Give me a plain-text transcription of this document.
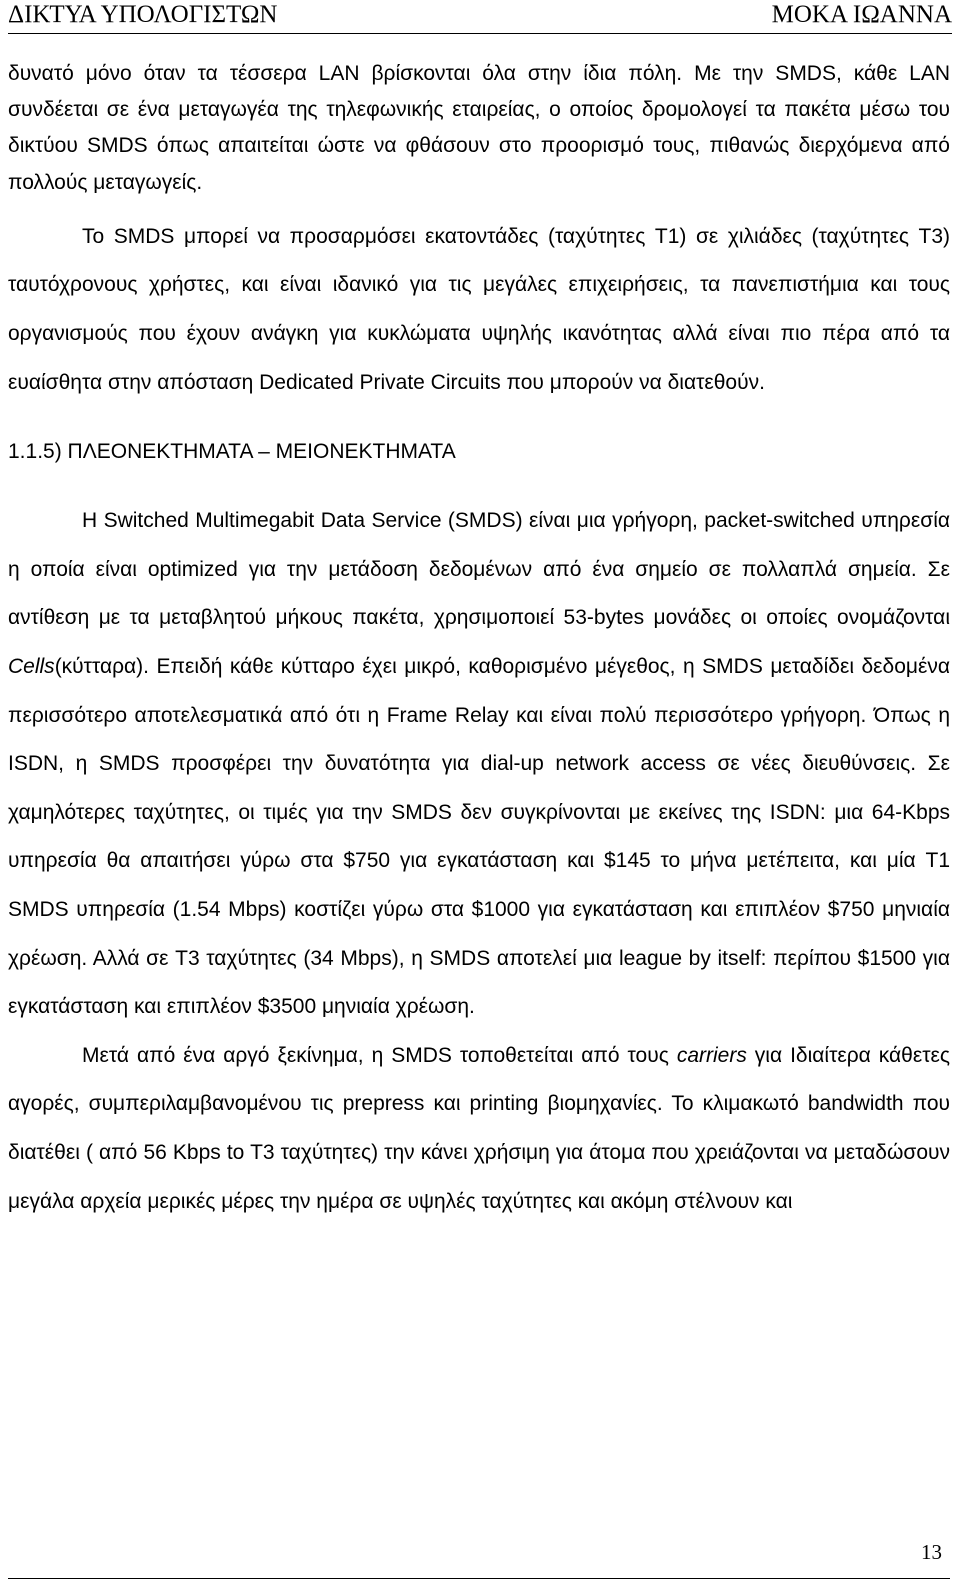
ΔΙΚΤΥΑ ΥΠΟΛΟΓΙΣΤΩΝ	ΜΟΚΑ ΙΩΑΝΝΑ

δυνατό μόνο όταν τα τέσσερα LAN βρίσκονται όλα στην ίδια πόλη. Με την SMDS, κάθε LAN συνδέεται σε ένα μεταγωγέα της τηλεφωνικής εταιρείας, ο οποίος δρομολογεί τα πακέτα μέσω του δικτύου SMDS όπως απαιτείται ώστε να φθάσουν στο προορισμό τους, πιθανώς διερχόμενα από πολλούς μεταγωγείς.

Το SMDS μπορεί να προσαρμόσει εκατοντάδες (ταχύτητες T1) σε χιλιάδες (ταχύτητες T3) ταυτόχρονους χρήστες, και είναι ιδανικό για τις μεγάλες επιχειρήσεις, τα πανεπιστήμια και τους οργανισμούς που έχουν ανάγκη για κυκλώματα υψηλής ικανότητας αλλά είναι πιο πέρα από τα ευαίσθητα στην απόσταση Dedicated Private Circuits που μπορούν να διατεθούν.

1.1.5) ΠΛΕΟΝΕΚΤΗΜΑΤΑ – ΜΕΙΟΝΕΚΤΗΜΑΤΑ

Η Switched Multimegabit Data Service (SMDS) είναι μια γρήγορη, packet-switched υπηρεσία η οποία είναι optimized για την μετάδοση δεδομένων από ένα σημείο σε πολλαπλά σημεία. Σε αντίθεση με τα μεταβλητού μήκους πακέτα, χρησιμοποιεί 53-bytes μονάδες οι οποίες ονομάζονται Cells(κύτταρα). Επειδή κάθε κύτταρο έχει μικρό, καθορισμένο μέγεθος, η SMDS μεταδίδει δεδομένα περισσότερο αποτελεσματικά από ότι η Frame Relay και είναι πολύ περισσότερο γρήγορη. Όπως η ISDN, η SMDS προσφέρει την δυνατότητα για dial-up network access σε νέες διευθύνσεις. Σε χαμηλότερες ταχύτητες, οι τιμές για την SMDS δεν συγκρίνονται με εκείνες της ISDN: μια 64-Kbps υπηρεσία θα απαιτήσει γύρω στα $750 για εγκατάσταση και $145 το μήνα μετέπειτα, και μία T1 SMDS υπηρεσία (1.54 Mbps) κοστίζει γύρω στα $1000 για εγκατάσταση και επιπλέον $750 μηνιαία χρέωση. Αλλά σε T3 ταχύτητες (34 Mbps), η SMDS αποτελεί μια league by itself: περίπου $1500 για εγκατάσταση και επιπλέον $3500 μηνιαία χρέωση.

Μετά από ένα αργό ξεκίνημα, η SMDS τοποθετείται από τους carriers για Ιδιαίτερα κάθετες αγορές, συμπεριλαμβανομένου τις prepress και printing βιομηχανίες. Το κλιμακωτό bandwidth που διατέθει ( από 56 Kbps to T3 ταχύτητες) την κάνει χρήσιμη για άτομα που χρειάζονται να μεταδώσουν μεγάλα αρχεία μερικές μέρες την ημέρα σε υψηλές ταχύτητες και ακόμη στέλνουν και

13
